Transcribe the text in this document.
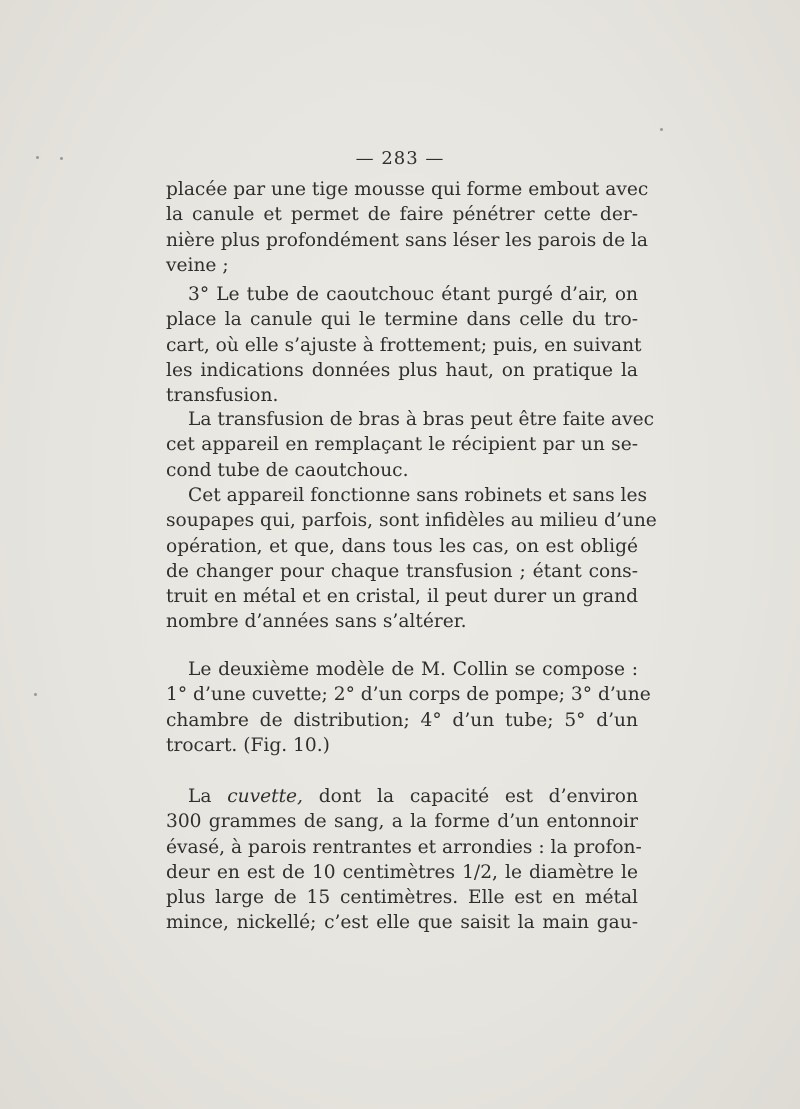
— 283 —
placée par une tige mousse qui forme embout avec
la canule et permet de faire pénétrer cette der-
nière plus profondément sans léser les parois de la
veine ;
3° Le tube de caoutchouc étant purgé d’air, on
place la canule qui le termine dans celle du tro-
cart, où elle s’ajuste à frottement; puis, en suivant
les indications données plus haut, on pratique la
transfusion.
La transfusion de bras à bras peut être faite avec
cet appareil en remplaçant le récipient par un se-
cond tube de caoutchouc.
Cet appareil fonctionne sans robinets et sans les
soupapes qui, parfois, sont infidèles au milieu d’une
opération, et que, dans tous les cas, on est obligé
de changer pour chaque transfusion ; étant cons-
truit en métal et en cristal, il peut durer un grand
nombre d’années sans s’altérer.
Le deuxième modèle de M. Collin se compose :
1° d’une cuvette; 2° d’un corps de pompe; 3° d’une
chambre de distribution; 4° d’un tube; 5° d’un
trocart. (Fig. 10.)
La cuvette, dont la capacité est d’environ
300 grammes de sang, a la forme d’un entonnoir
évasé, à parois rentrantes et arrondies : la profon-
deur en est de 10 centimètres 1/2, le diamètre le
plus large de 15 centimètres. Elle est en métal
mince, nickellé; c’est elle que saisit la main gau-
